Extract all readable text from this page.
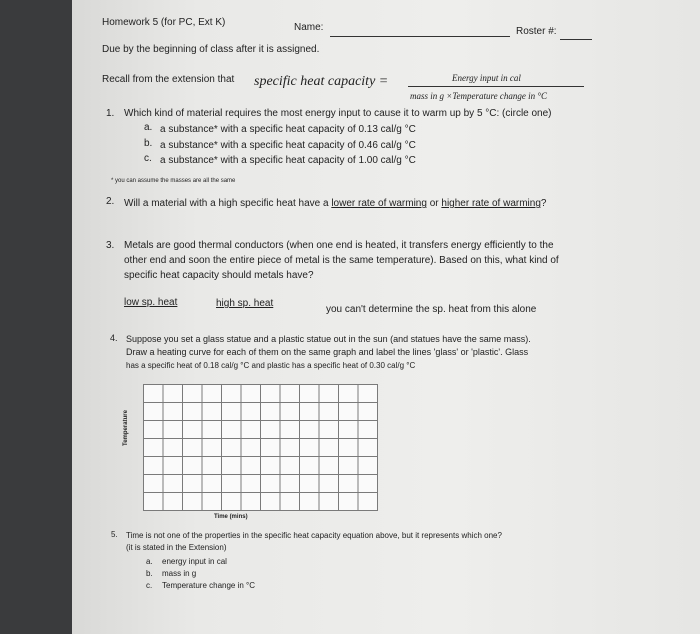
Homework 5 (for PC, Ext K)	Name:	Roster #:
Due by the beginning of class after it is assigned.
Recall from the extension that specific heat capacity =	Energy input in cal
mass in g ×Temperature change in °C
1. Which kind of material requires the most energy input to cause it to warm up by 5 °C: (circle one)
a. a substance* with a specific heat capacity of 0.13 cal/g °C
b. a substance* with a specific heat capacity of 0.46 cal/g °C
c. a substance* with a specific heat capacity of 1.00 cal/g °C
* you can assume the masses are all the same
2. Will a material with a high specific heat have a lower rate of warming or higher rate of warming?
3. Metals are good thermal conductors (when one end is heated, it transfers energy efficiently to the
other end and soon the entire piece of metal is the same temperature). Based on this, what kind of
specific heat capacity should metals have?
low sp. heat	high sp. heat
you can't determine the sp. heat from this alone
4. Suppose you set a glass statue and a plastic statue out in the sun (and statues have the same mass).
Draw a heating curve for each of them on the same graph and label the lines 'glass' or 'plastic'. Glass
has a specific heat of 0.18 cal/g °C and plastic has a specific heat of 0.30 cal/g °C
Temperature
Time (mins)
5. Time is not one of the properties in the specific heat capacity equation above, but it represents which one?
(it is stated in the Extension)
a. energy input in cal
b. mass in g
c. Temperature change in °C
